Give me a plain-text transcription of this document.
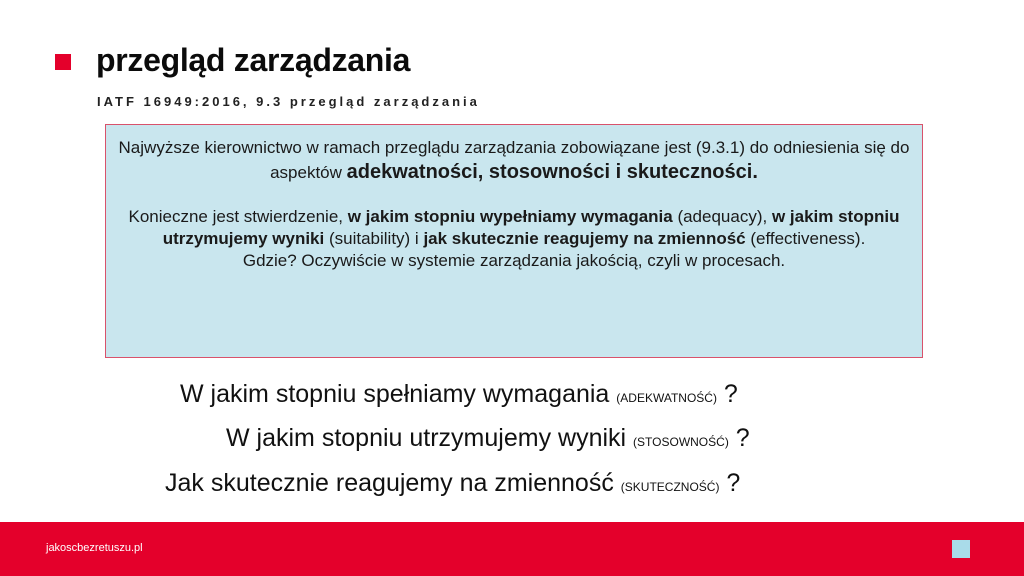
przegląd zarządzania
IATF 16949:2016, 9.3 przegląd zarządzania

Najwyższe kierownictwo w ramach przeglądu zarządzania zobowiązane jest (9.3.1) do odniesienia się do aspektów adekwatności, stosowności i skuteczności.

Konieczne jest stwierdzenie, w jakim stopniu wypełniamy wymagania (adequacy), w jakim stopniu utrzymujemy wyniki (suitability) i jak skutecznie reagujemy na zmienność (effectiveness).
Gdzie? Oczywiście w systemie zarządzania jakością, czyli w procesach.

W jakim stopniu spełniamy wymagania (ADEKWATNOŚĆ) ?
W jakim stopniu utrzymujemy wyniki (STOSOWNOŚĆ) ?
Jak skutecznie reagujemy na zmienność (SKUTECZNOŚĆ) ?
jakoscbezretuszu.pl
